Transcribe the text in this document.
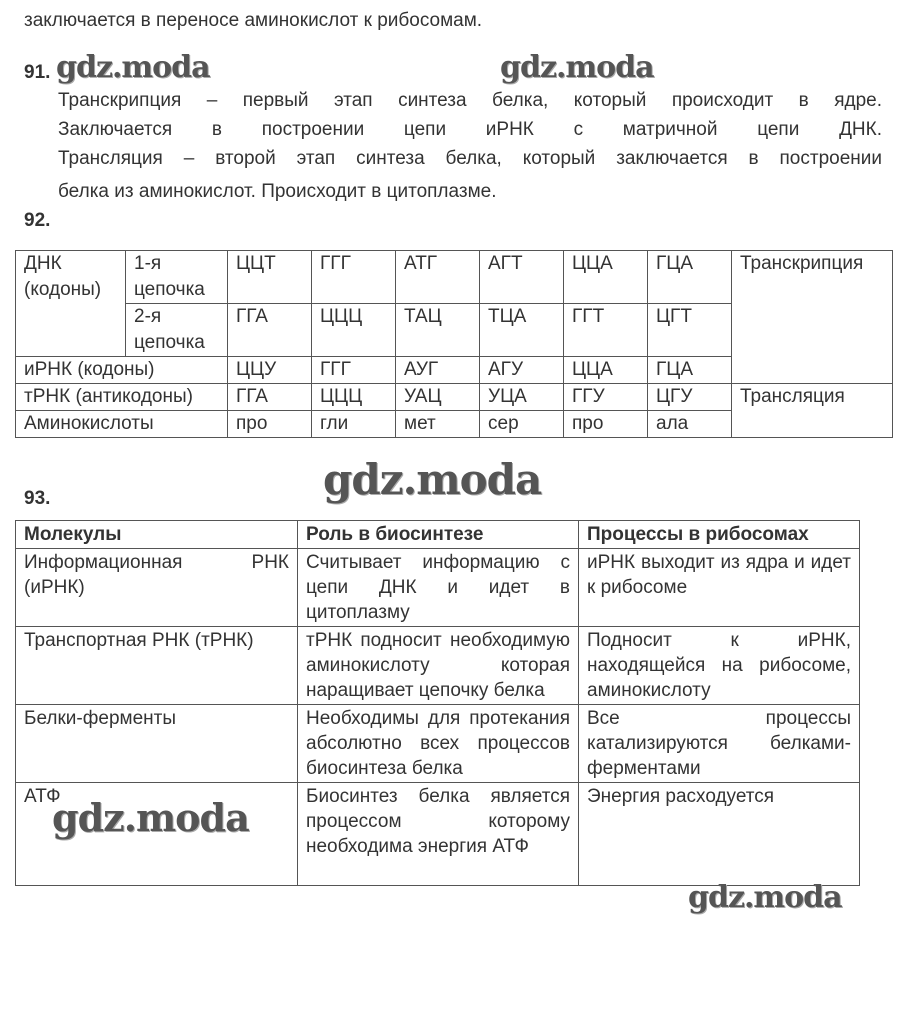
заключается в переносе аминокислот к рибосомам.
91.
Транскрипция – первый этап синтеза белка, который происходит в ядре.
Заключается в построении цепи иРНК с матричной цепи ДНК.
Трансляция – второй этап синтеза белка, который заключается в построении
белка из аминокислот. Происходит в цитоплазме.
92.
ДНК (кодоны)	1-я цепочка	ЦЦТ	ГГГ	АТГ	АГТ	ЦЦА	ГЦА	Транскрипция
	2-я цепочка	ГГА	ЦЦЦ	ТАЦ	ТЦА	ГГТ	ЦГТ	
иРНК (кодоны)		ЦЦУ	ГГГ	АУГ	АГУ	ЦЦА	ГЦА	
тРНК (антикодоны)		ГГА	ЦЦЦ	УАЦ	УЦА	ГГУ	ЦГУ	Трансляция
Аминокислоты		про	гли	мет	сер	про	ала	
93.
Молекулы	Роль в биосинтезе	Процессы в рибосомах
Информационная РНК (иРНК)	Считывает информацию с цепи ДНК и идет в цитоплазму	иРНК выходит из ядра и идет к рибосоме
Транспортная РНК (тРНК)	тРНК подносит необходимую аминокислоту которая наращивает цепочку белка	Подносит к иРНК, находящейся на рибосоме, аминокислоту
Белки-ферменты	Необходимы для протекания абсолютно всех процессов биосинтеза белка	Все процессы катализируются белками-ферментами
АТФ	Биосинтез белка является процессом которому необходима энергия АТФ	Энергия расходуется
gdz.moda	gdz.moda
gdz.moda
gdz.moda
gdz.moda
